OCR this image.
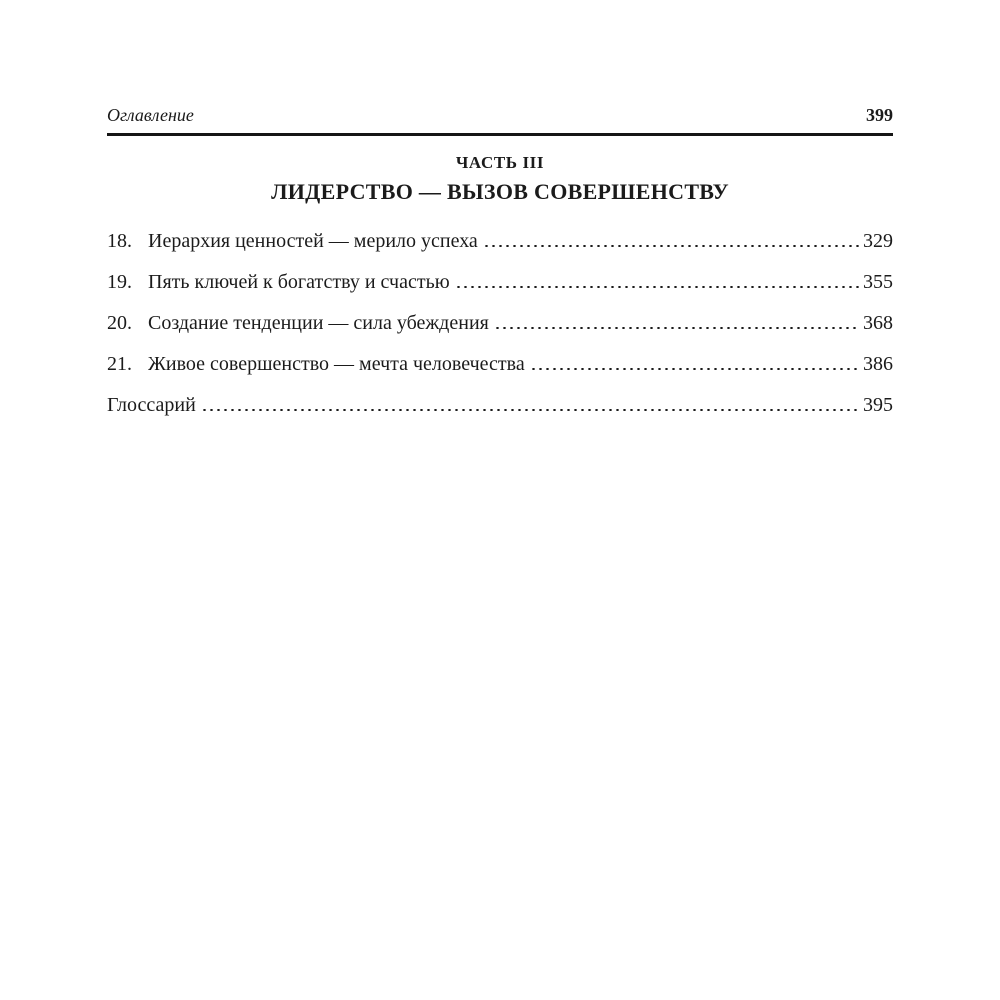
Оглавление	399
ЧАСТЬ III
ЛИДЕРСТВО — ВЫЗОВ СОВЕРШЕНСТВУ
18. Иерархия ценностей — мерило успеха	329
19. Пять ключей к богатству и счастью	355
20. Создание тенденции — сила убеждения	368
21. Живое совершенство — мечта человечества	386
Глоссарий	395
